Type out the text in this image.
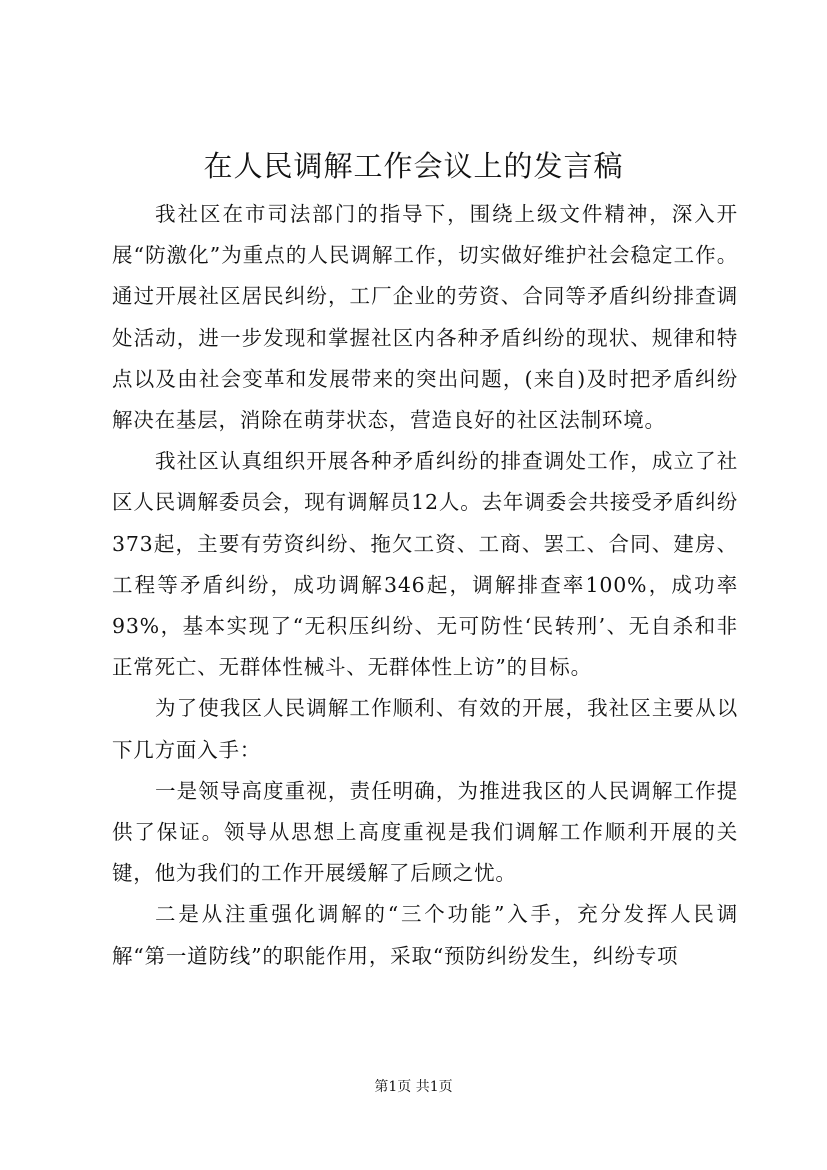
在人民调解工作会议上的发言稿

我社区在市司法部门的指导下，围绕上级文件精神，深入开展“防激化”为重点的人民调解工作，切实做好维护社会稳定工作。通过开展社区居民纠纷，工厂企业的劳资、合同等矛盾纠纷排查调处活动，进一步发现和掌握社区内各种矛盾纠纷的现状、规律和特点以及由社会变革和发展带来的突出问题，(来自)及时把矛盾纠纷解决在基层，消除在萌芽状态，营造良好的社区法制环境。

我社区认真组织开展各种矛盾纠纷的排查调处工作，成立了社区人民调解委员会，现有调解员12人。去年调委会共接受矛盾纠纷373起，主要有劳资纠纷、拖欠工资、工商、罢工、合同、建房、工程等矛盾纠纷，成功调解346起，调解排查率100%，成功率93%，基本实现了“无积压纠纷、无可防性‘民转刑’、无自杀和非正常死亡、无群体性械斗、无群体性上访”的目标。

为了使我区人民调解工作顺利、有效的开展，我社区主要从以下几方面入手：

一是领导高度重视，责任明确，为推进我区的人民调解工作提供了保证。领导从思想上高度重视是我们调解工作顺利开展的关键，他为我们的工作开展缓解了后顾之忧。

二是从注重强化调解的“三个功能”入手，充分发挥人民调解“第一道防线”的职能作用，采取“预防纠纷发生，纠纷专项

第1页 共1页
